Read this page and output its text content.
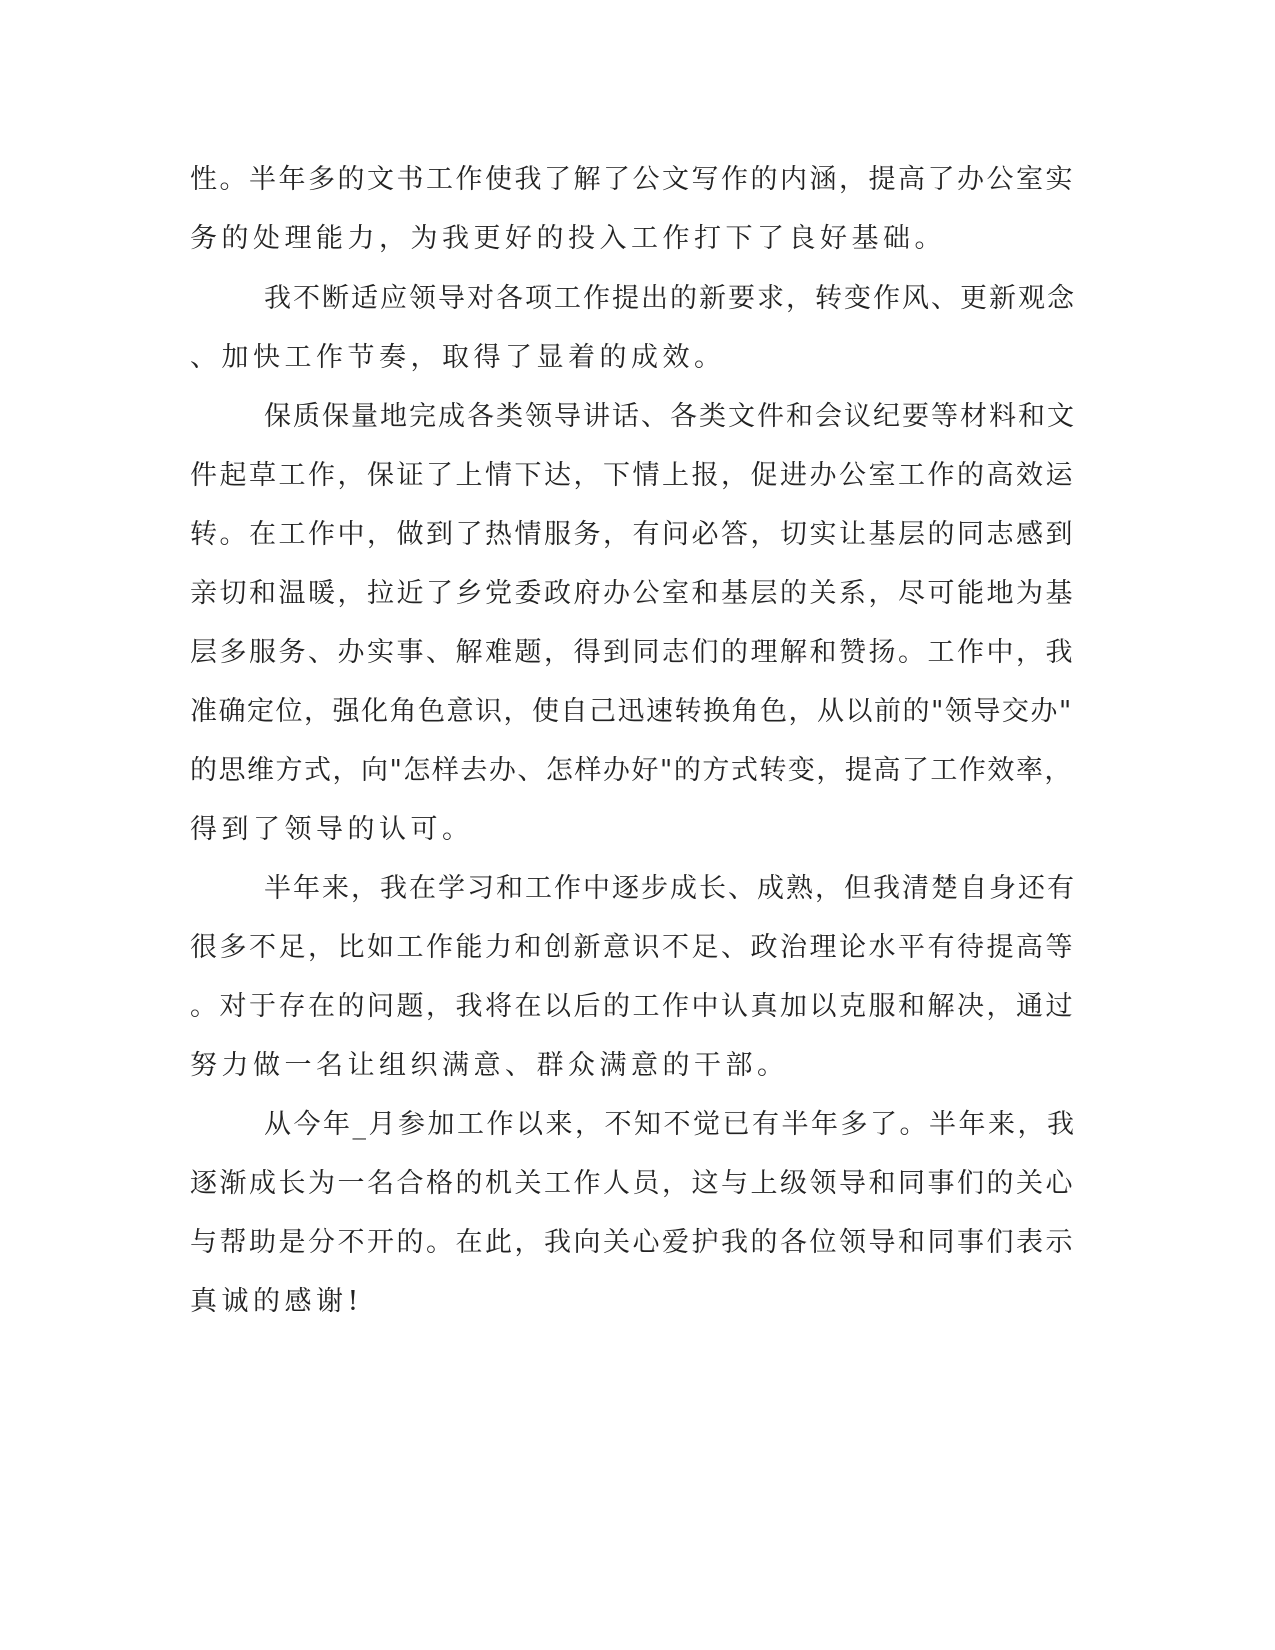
性。半年多的文书工作使我了解了公文写作的内涵，提高了办公室实
务的处理能力，为我更好的投入工作打下了良好基础。
我不断适应领导对各项工作提出的新要求，转变作风、更新观念
、加快工作节奏，取得了显着的成效。
保质保量地完成各类领导讲话、各类文件和会议纪要等材料和文
件起草工作，保证了上情下达，下情上报，促进办公室工作的高效运
转。在工作中，做到了热情服务，有问必答，切实让基层的同志感到
亲切和温暖，拉近了乡党委政府办公室和基层的关系，尽可能地为基
层多服务、办实事、解难题，得到同志们的理解和赞扬。工作中，我
准确定位，强化角色意识，使自己迅速转换角色，从以前的"领导交办"
的思维方式，向"怎样去办、怎样办好"的方式转变，提高了工作效率，
得到了领导的认可。
半年来，我在学习和工作中逐步成长、成熟，但我清楚自身还有
很多不足，比如工作能力和创新意识不足、政治理论水平有待提高等
。对于存在的问题，我将在以后的工作中认真加以克服和解决，通过
努力做一名让组织满意、群众满意的干部。
从今年_月参加工作以来，不知不觉已有半年多了。半年来，我
逐渐成长为一名合格的机关工作人员，这与上级领导和同事们的关心
与帮助是分不开的。在此，我向关心爱护我的各位领导和同事们表示
真诚的感谢!
